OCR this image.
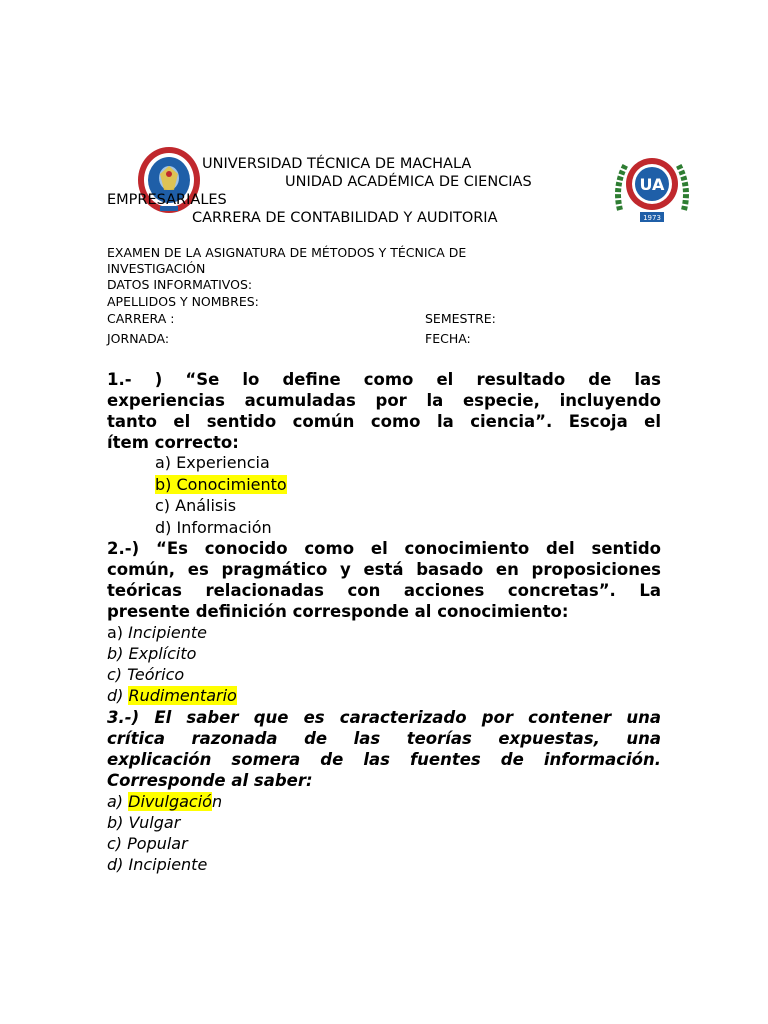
UA
1973
UNIVERSIDAD TÉCNICA DE MACHALA
UNIDAD ACADÉMICA DE CIENCIAS
EMPRESARIALES
CARRERA DE CONTABILIDAD Y AUDITORIA
EXAMEN DE LA ASIGNATURA DE MÉTODOS Y TÉCNICA DE
INVESTIGACIÓN
DATOS INFORMATIVOS:
APELLIDOS Y NOMBRES:
CARRERA :	SEMESTRE:
JORNADA:	FECHA:
1.- ) “Se lo define como el resultado de las
experiencias acumuladas por la especie, incluyendo
tanto el sentido común como la ciencia”. Escoja el
ítem correcto:
a) Experiencia
b) Conocimiento
c) Análisis
d) Información
2.-) “Es conocido como el conocimiento del sentido
común, es pragmático y está basado en proposiciones
teóricas relacionadas con acciones concretas”. La
presente definición corresponde al conocimiento:
a) Incipiente
b) Explícito
c) Teórico
d) Rudimentario
3.-) El saber que es caracterizado por contener una
crítica razonada de las teorías expuestas, una
explicación somera de las fuentes de información.
Corresponde al saber:
a) Divulgación
b) Vulgar
c) Popular
d) Incipiente
